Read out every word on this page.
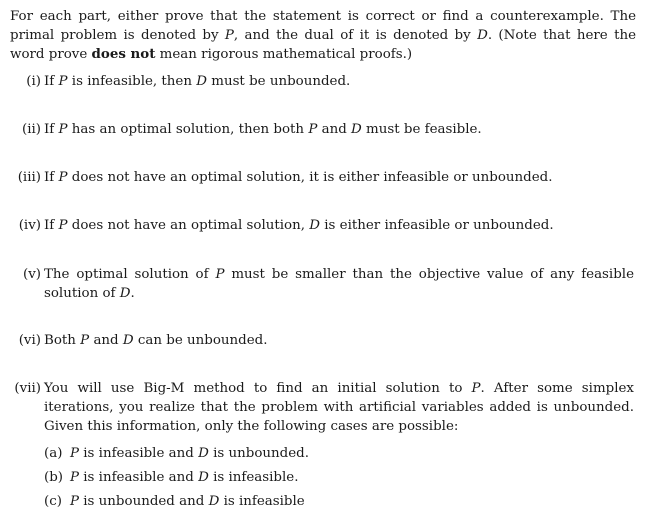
For each part, either prove that the statement is correct or find a counterexample. The primal problem is denoted by P, and the dual of it is denoted by D. (Note that here the word prove does not mean rigorous mathematical proofs.)
(i) If P is infeasible, then D must be unbounded.
(ii) If P has an optimal solution, then both P and D must be feasible.
(iii) If P does not have an optimal solution, it is either infeasible or unbounded.
(iv) If P does not have an optimal solution, D is either infeasible or unbounded.
(v) The optimal solution of P must be smaller than the objective value of any feasible solution of D.
(vi) Both P and D can be unbounded.
(vii) You will use Big-M method to find an initial solution to P. After some simplex iterations, you realize that the problem with artificial variables added is unbounded. Given this information, only the following cases are possible:
(a) P is infeasible and D is unbounded.
(b) P is infeasible and D is infeasible.
(c) P is unbounded and D is infeasible
